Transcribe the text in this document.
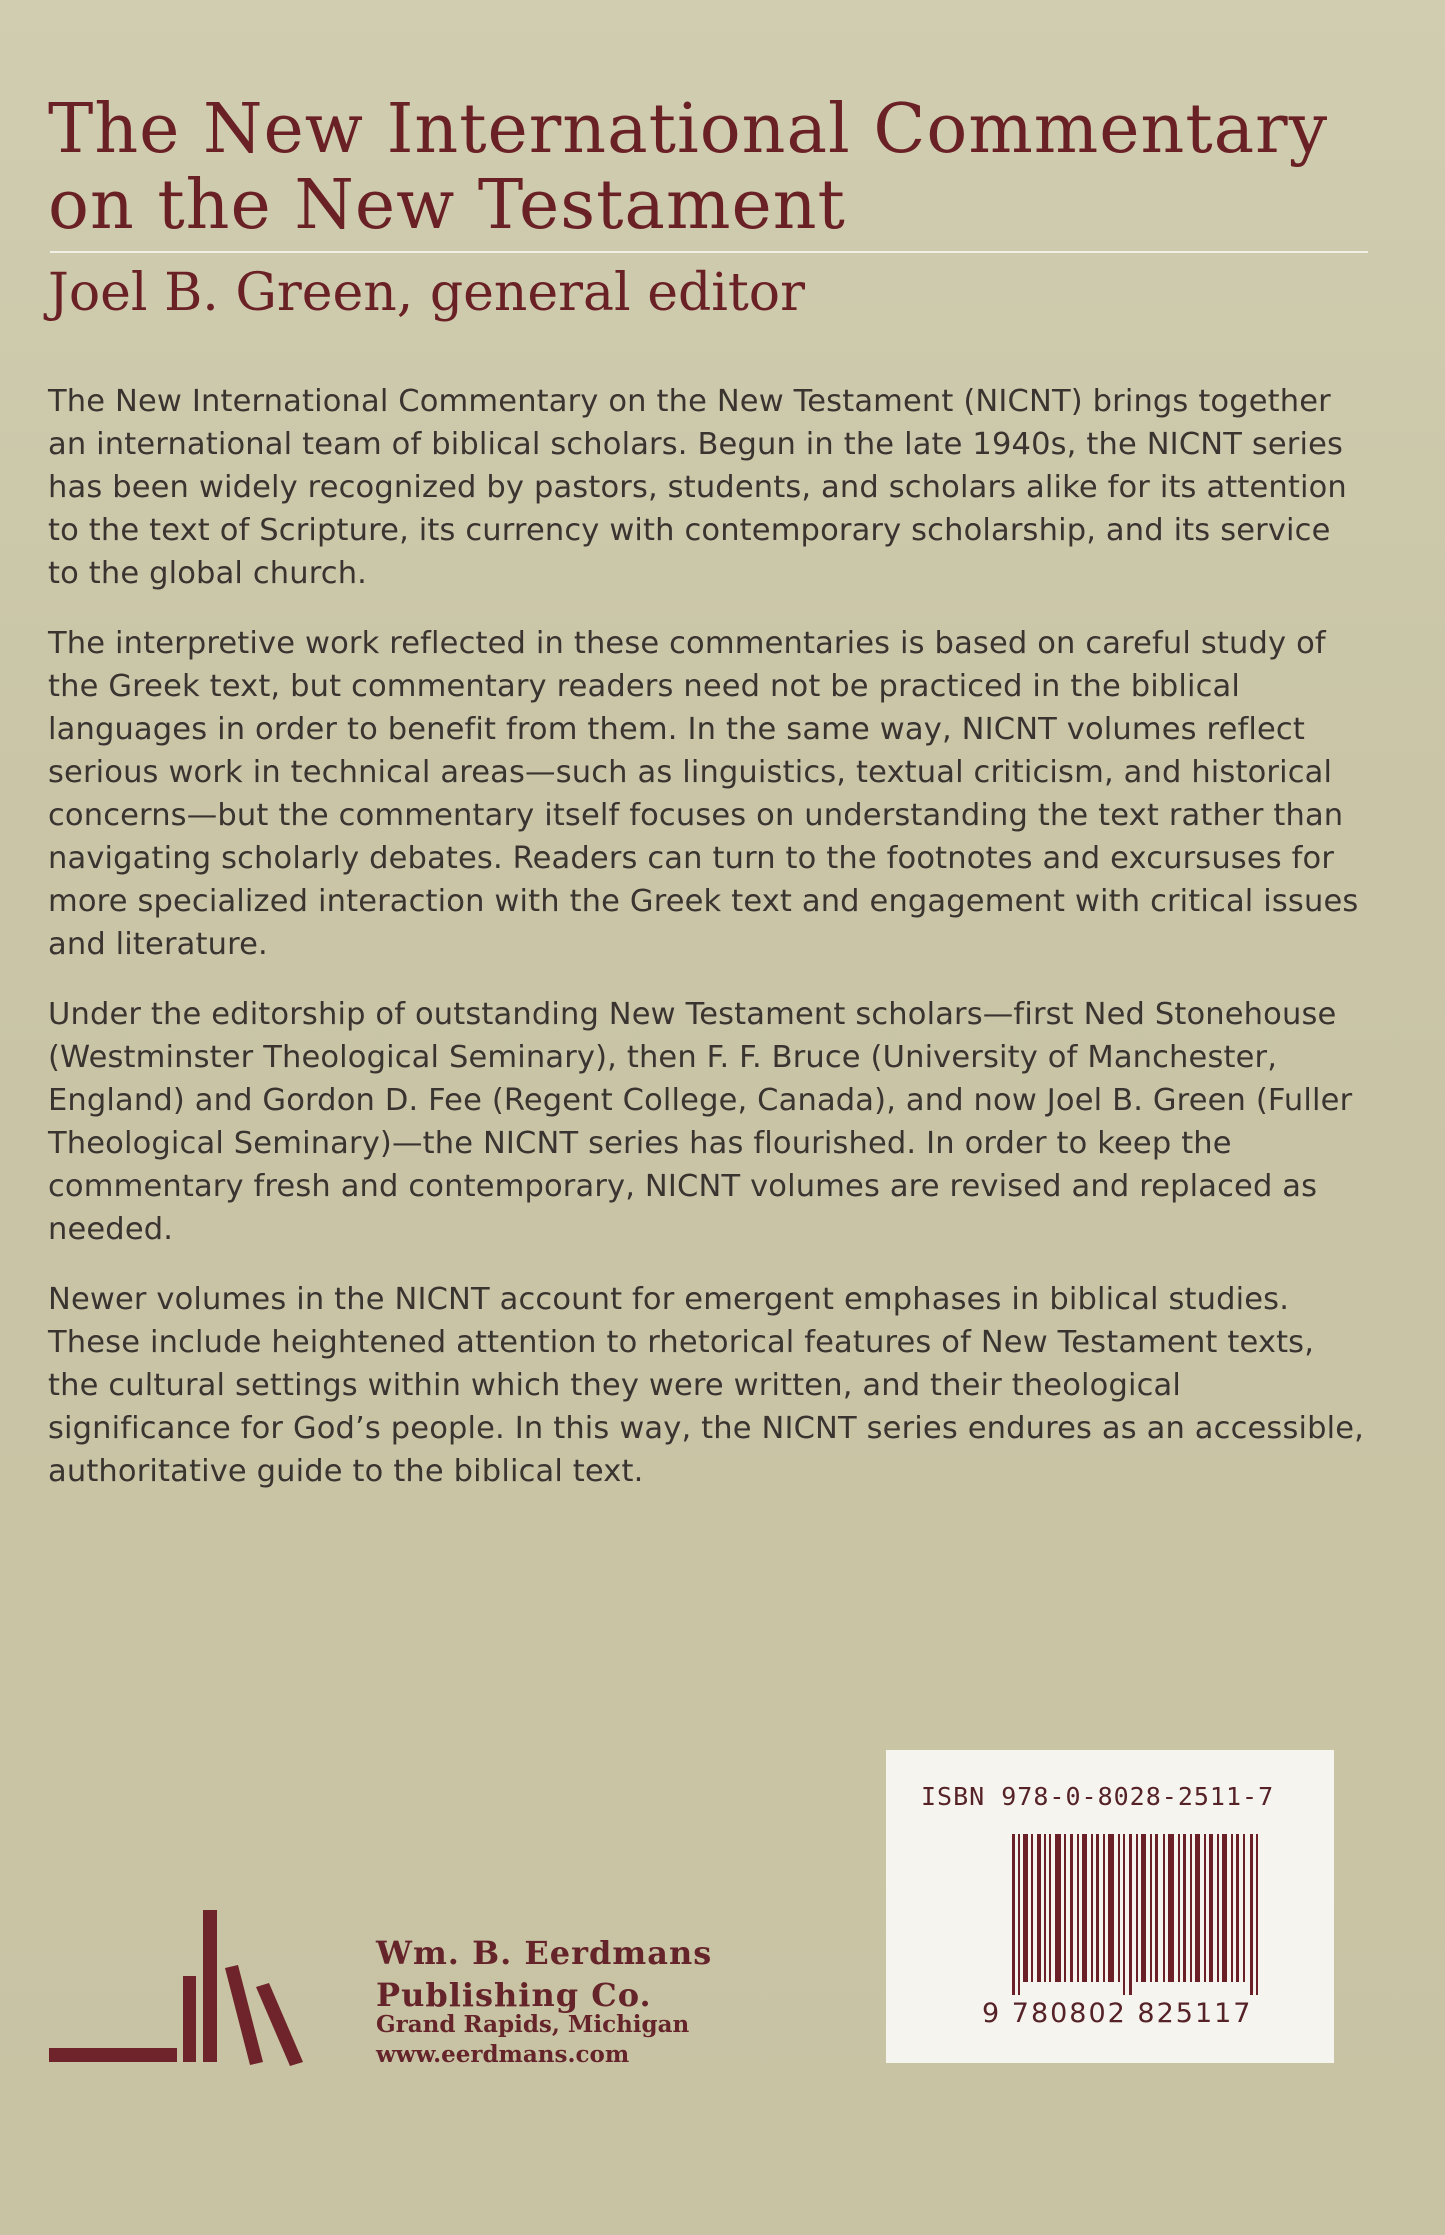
The New International Commentary
on the New Testament
Joel B. Green, general editor

The New International Commentary on the New Testament (NICNT) brings together an international team of biblical scholars. Begun in the late 1940s, the NICNT series has been widely recognized by pastors, students, and scholars alike for its attention to the text of Scripture, its currency with contemporary scholarship, and its service to the global church.

The interpretive work reflected in these commentaries is based on careful study of the Greek text, but commentary readers need not be practiced in the biblical languages in order to benefit from them. In the same way, NICNT volumes reflect serious work in technical areas—such as linguistics, textual criticism, and historical concerns—but the commentary itself focuses on understanding the text rather than navigating scholarly debates. Readers can turn to the footnotes and excursuses for more specialized interaction with the Greek text and engagement with critical issues and literature.

Under the editorship of outstanding New Testament scholars—first Ned Stonehouse (Westminster Theological Seminary), then F. F. Bruce (University of Manchester, England) and Gordon D. Fee (Regent College, Canada), and now Joel B. Green (Fuller Theological Seminary)—the NICNT series has flourished. In order to keep the commentary fresh and contemporary, NICNT volumes are revised and replaced as needed.

Newer volumes in the NICNT account for emergent emphases in biblical studies. These include heightened attention to rhetorical features of New Testament texts, the cultural settings within which they were written, and their theological significance for God’s people. In this way, the NICNT series endures as an accessible, authoritative guide to the biblical text.

ISBN 978-0-8028-2511-7
9 780802 825117
Wm. B. Eerdmans
Publishing Co.
Grand Rapids, Michigan
www.eerdmans.com
